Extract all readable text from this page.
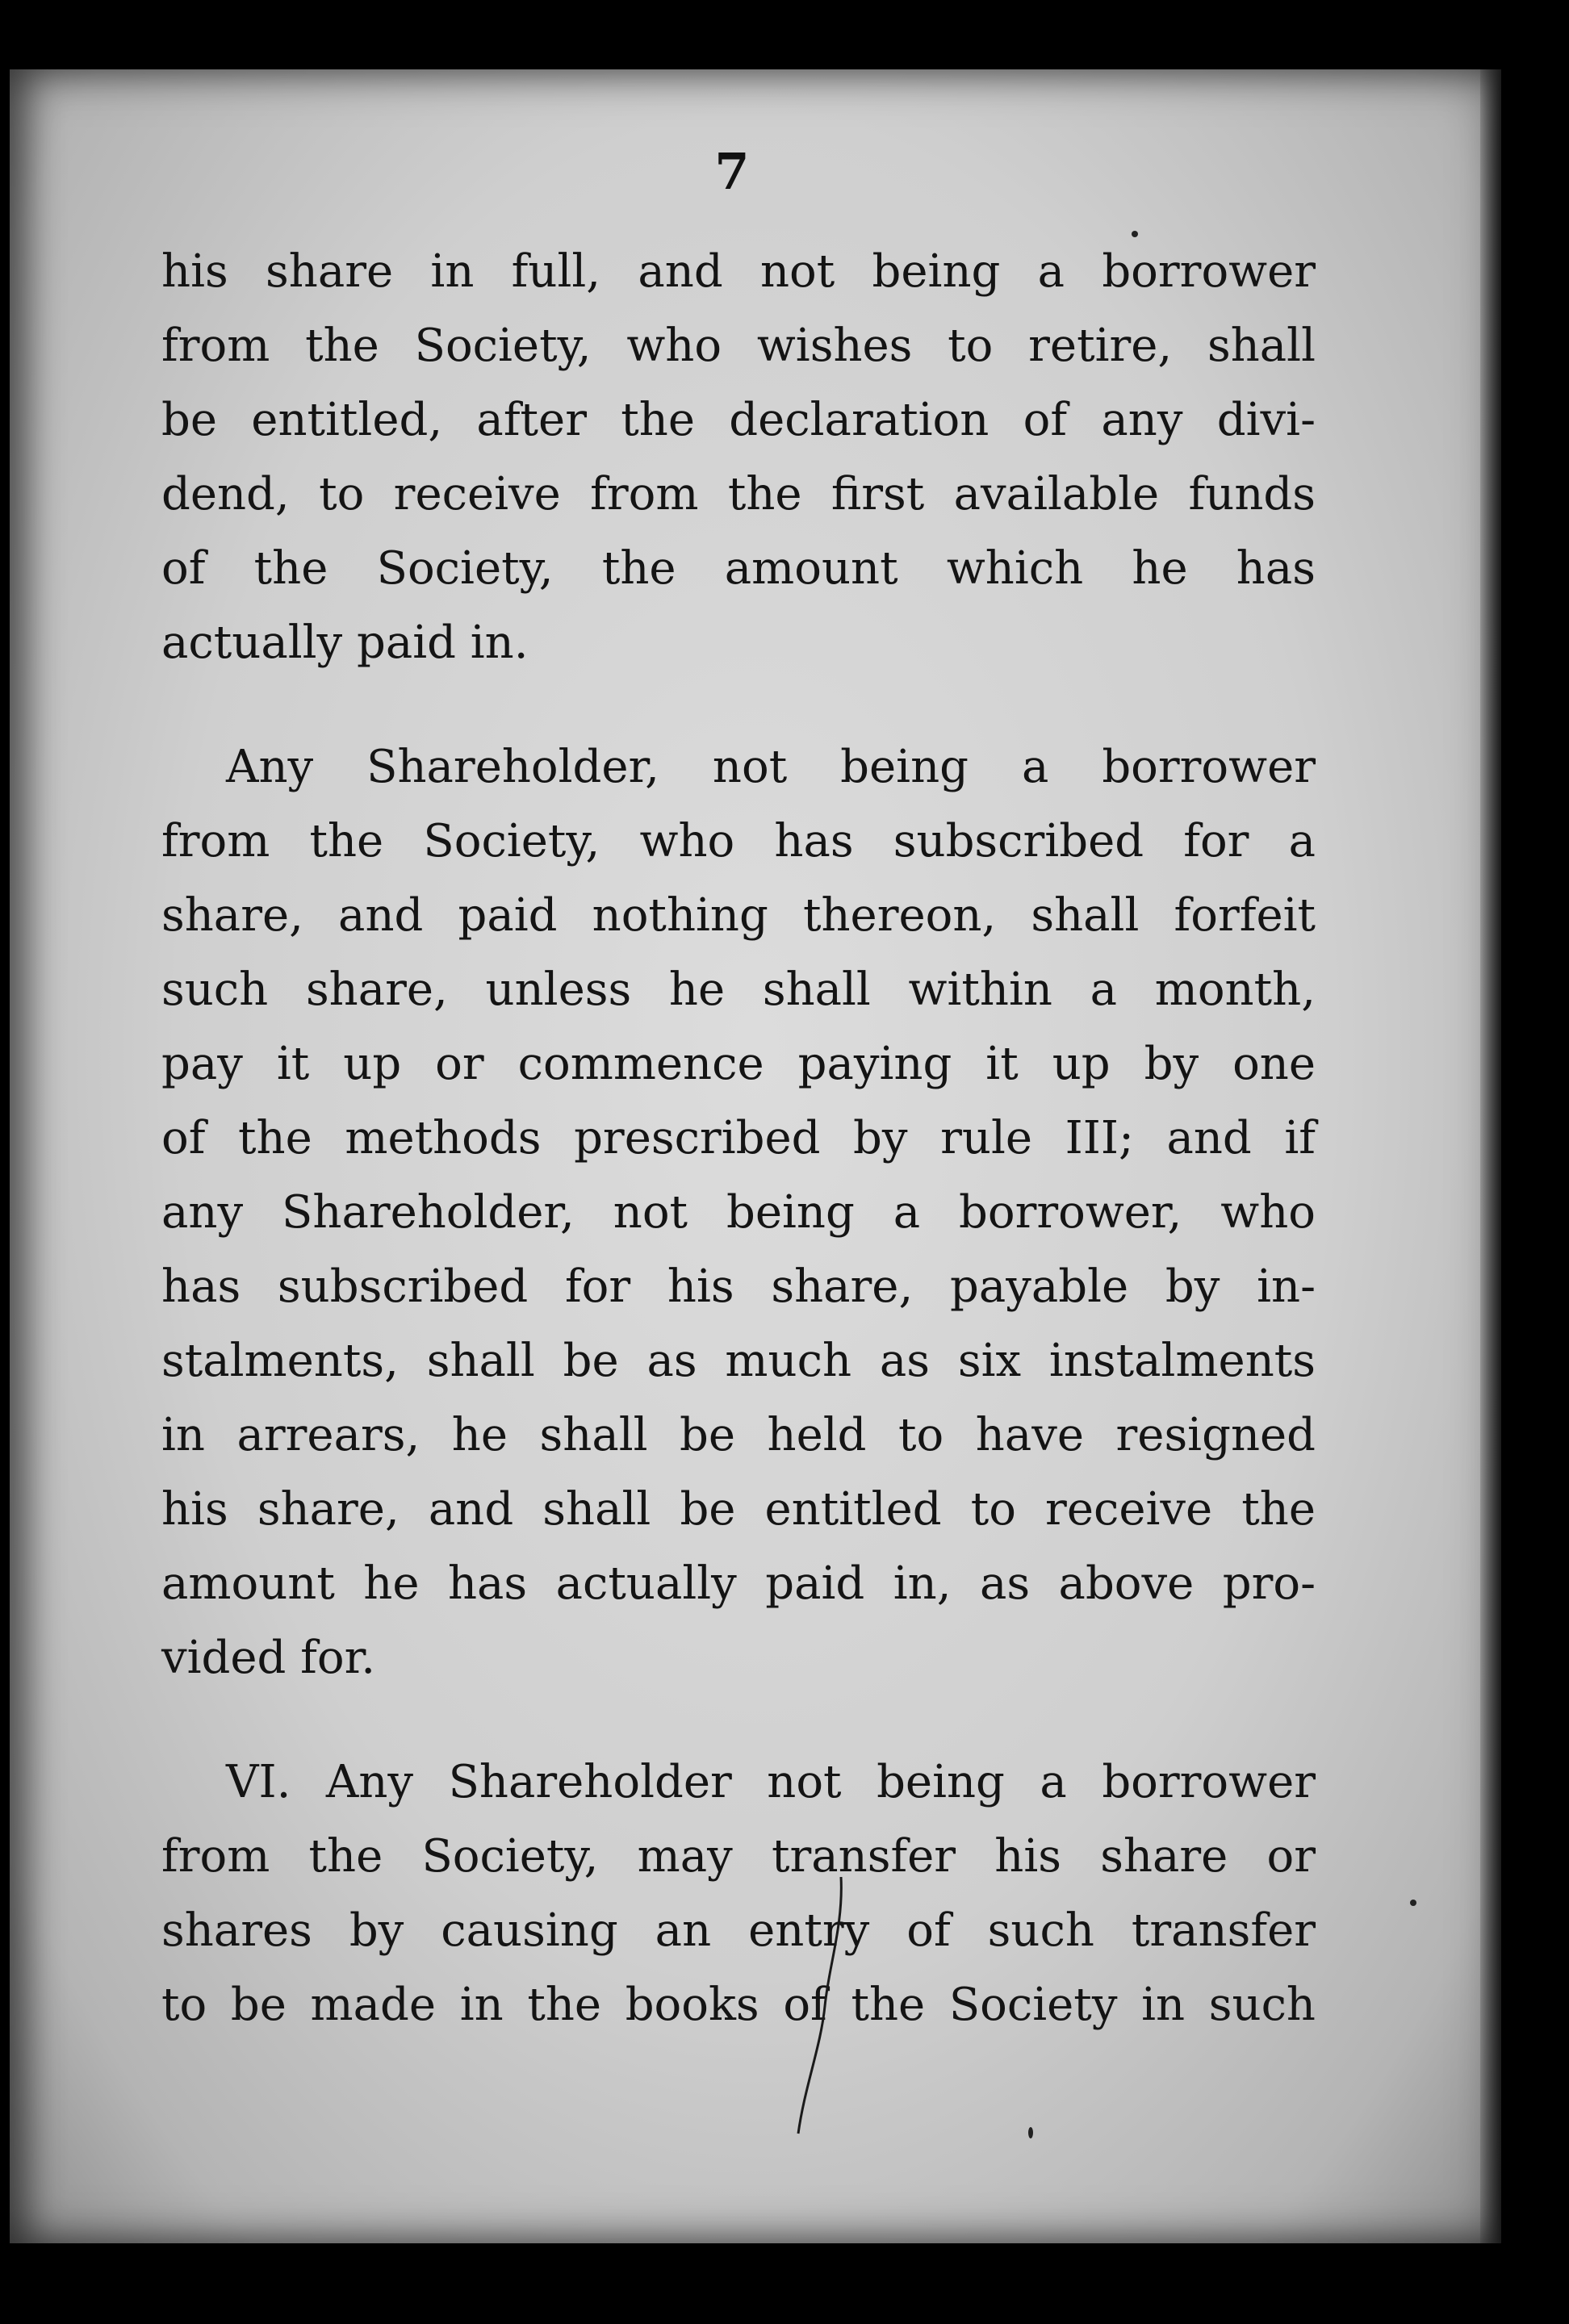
7
his share in full, and not being a borrower
from the Society, who wishes to retire, shall
be entitled, after the declaration of any divi-
dend, to receive from the first available funds
of the Society, the amount which he has
actually paid in.
Any Shareholder, not being a borrower
from the Society, who has subscribed for a
share, and paid nothing thereon, shall forfeit
such share, unless he shall within a month,
pay it up or commence paying it up by one
of the methods prescribed by rule III; and if
any Shareholder, not being a borrower, who
has subscribed for his share, payable by in-
stalments, shall be as much as six instalments
in arrears, he shall be held to have resigned
his share, and shall be entitled to receive the
amount he has actually paid in, as above pro-
vided for.
VI. Any Shareholder not being a borrower
from the Society, may transfer his share or
shares by causing an entry of such transfer
to be made in the books of the Society in such
